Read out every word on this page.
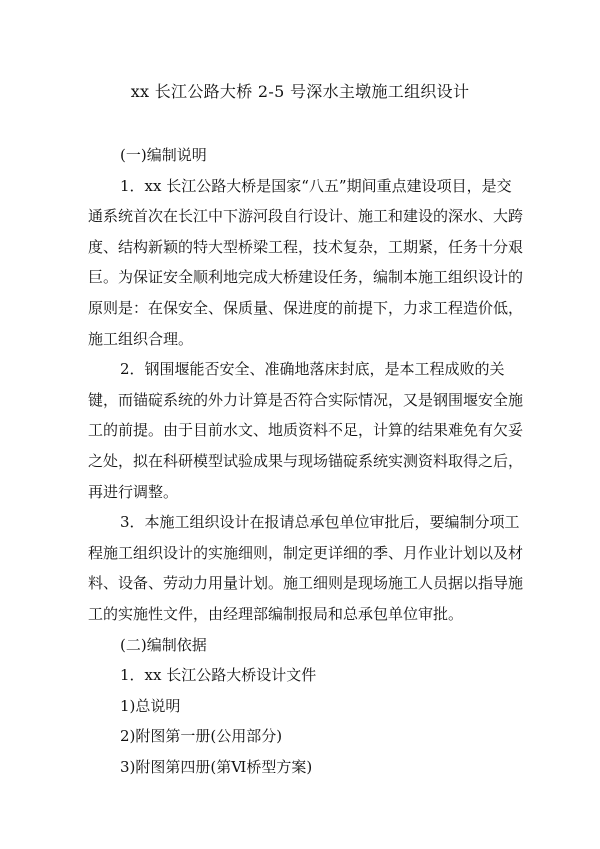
xx 长江公路大桥 2-5 号深水主墩施工组织设计

(一)编制说明

1．xx 长江公路大桥是国家“八五”期间重点建设项目，是交通系统首次在长江中下游河段自行设计、施工和建设的深水、大跨度、结构新颖的特大型桥梁工程，技术复杂，工期紧，任务十分艰巨。为保证安全顺利地完成大桥建设任务，编制本施工组织设计的原则是：在保安全、保质量、保进度的前提下，力求工程造价低，施工组织合理。

2．钢围堰能否安全、准确地落床封底，是本工程成败的关键，而锚碇系统的外力计算是否符合实际情况，又是钢围堰安全施工的前提。由于目前水文、地质资料不足，计算的结果难免有欠妥之处，拟在科研模型试验成果与现场锚碇系统实测资料取得之后，再进行调整。

3．本施工组织设计在报请总承包单位审批后，要编制分项工程施工组织设计的实施细则，制定更详细的季、月作业计划以及材料、设备、劳动力用量计划。施工细则是现场施工人员据以指导施工的实施性文件，由经理部编制报局和总承包单位审批。

(二)编制依据

1．xx 长江公路大桥设计文件

1)总说明

2)附图第一册(公用部分)

3)附图第四册(第Ⅵ桥型方案)
